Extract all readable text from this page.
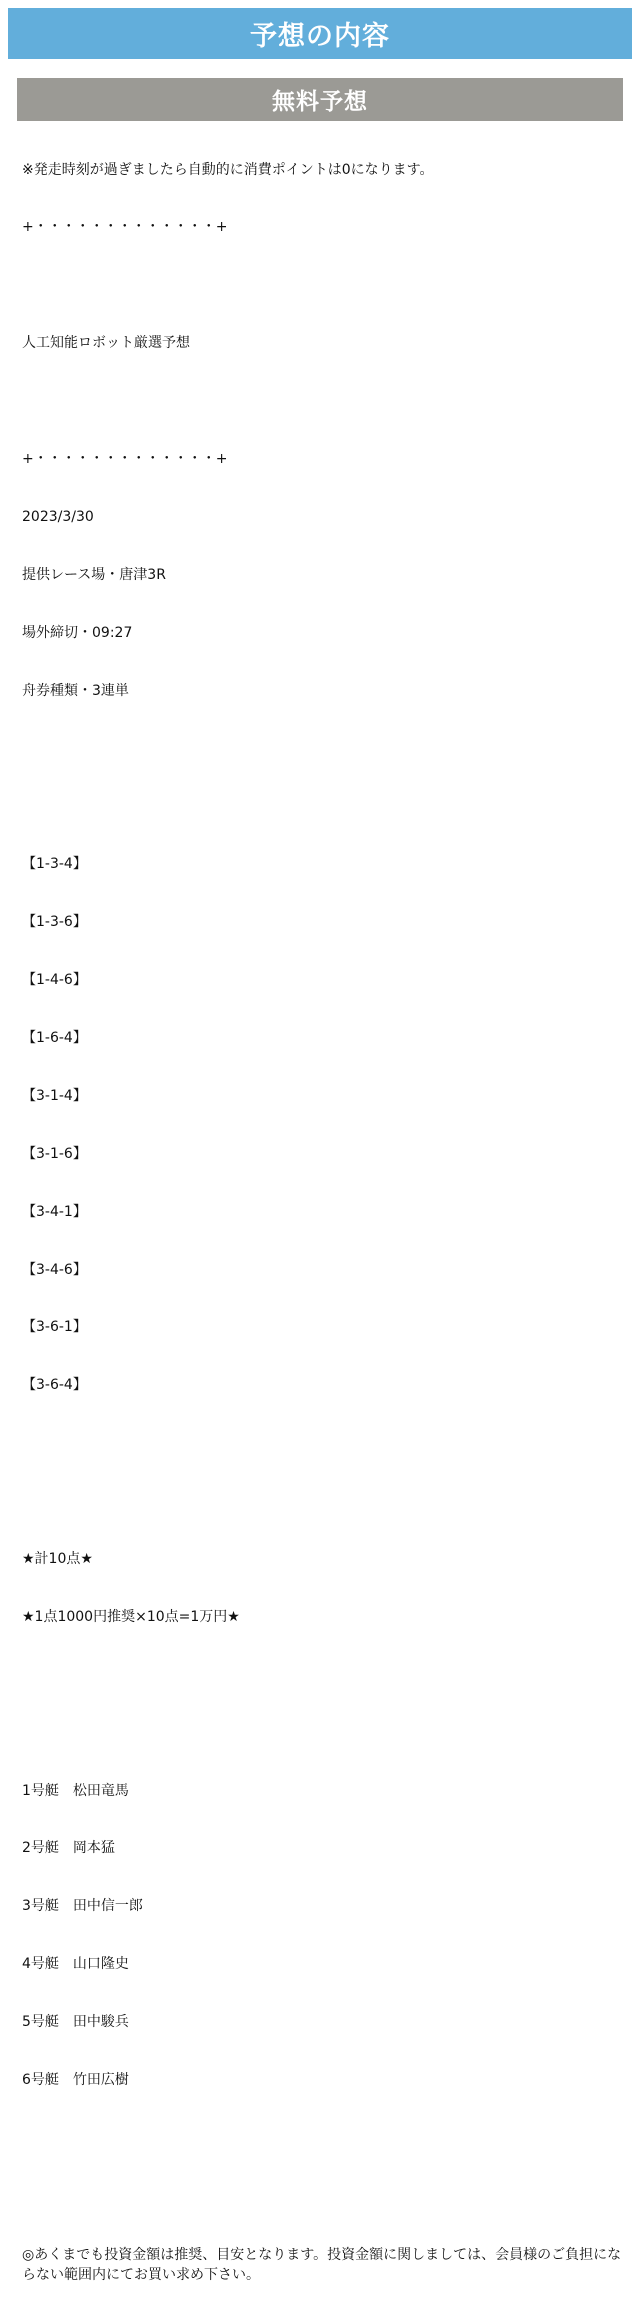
予想の内容
無料予想

※発走時刻が過ぎましたら自動的に消費ポイントは0になります。

+・・・・・・・・・・・・・+

人工知能ロボット厳選予想

+・・・・・・・・・・・・・+

2023/3/30

提供レース場・唐津3R

場外締切・09:27

舟券種類・3連単

【1-3-4】

【1-3-6】

【1-4-6】

【1-6-4】

【3-1-4】

【3-1-6】

【3-4-1】

【3-4-6】

【3-6-1】

【3-6-4】

★計10点★

★1点1000円推奨×10点=1万円★

1号艇　松田竜馬

2号艇　岡本猛

3号艇　田中信一郎

4号艇　山口隆史

5号艇　田中駿兵

6号艇　竹田広樹

◎あくまでも投資金額は推奨、目安となります。投資金額に関しましては、会員様のご負担にならない範囲内にてお買い求め下さい。
